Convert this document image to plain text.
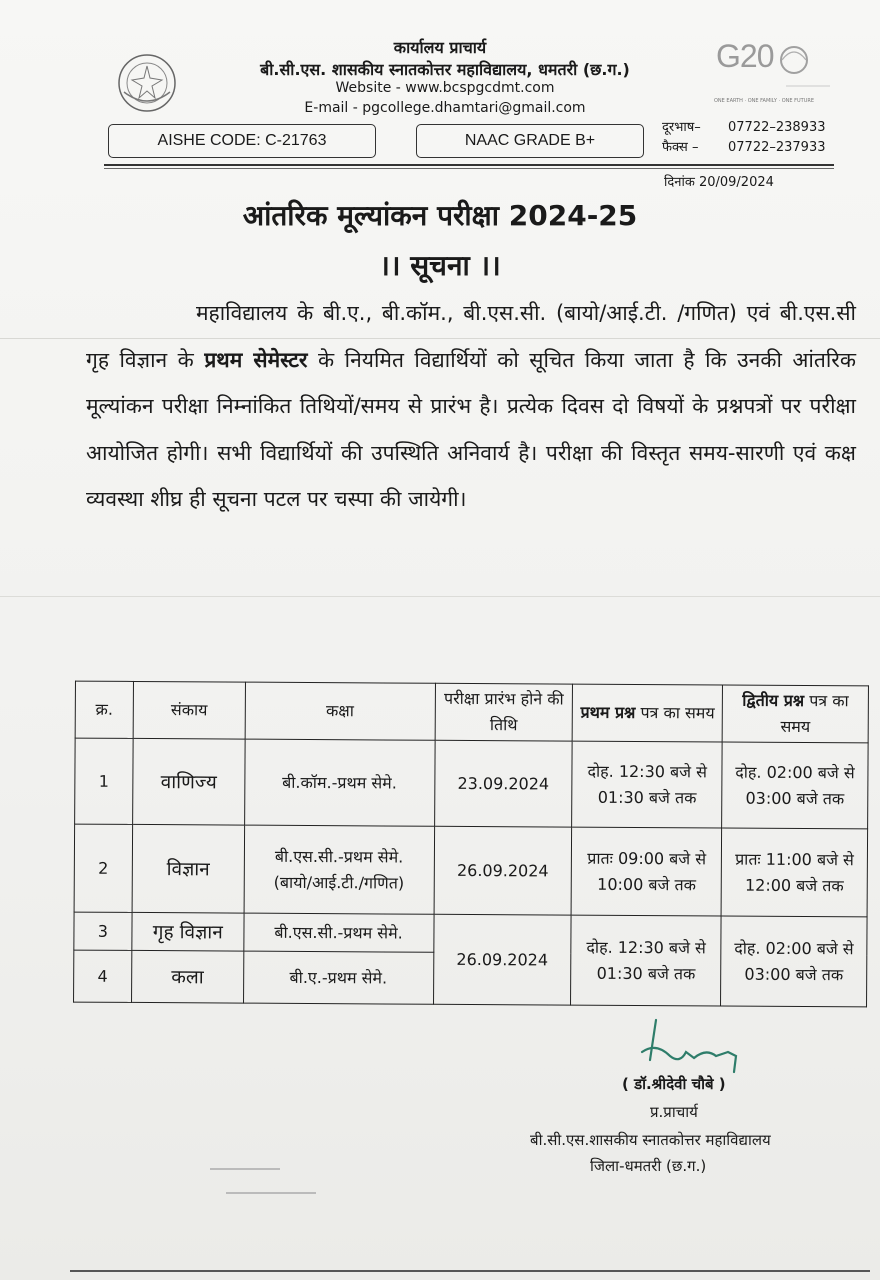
कार्यालय प्राचार्य
बी.सी.एस. शासकीय स्नातकोत्तर महाविद्यालय, धमतरी (छ.ग.)
Website - www.bcspgcdmt.com
E-mail - pgcollege.dhamtari@gmail.com
G20
ONE EARTH · ONE FAMILY · ONE FUTURE
AISHE CODE: C-21763	NAAC GRADE B+
दूरभाष– 07722–238933
फैक्स – 07722–237933
दिनांक 20/09/2024
आंतरिक मूल्यांकन परीक्षा 2024-25
।। सूचना ।।
महाविद्यालय के बी.ए., बी.कॉम., बी.एस.सी. (बायो/आई.टी. /गणित) एवं बी.एस.सी गृह विज्ञान के प्रथम सेमेस्टर के नियमित विद्यार्थियों को सूचित किया जाता है कि उनकी आंतरिक मूल्यांकन परीक्षा निम्नांकित तिथियों/समय से प्रारंभ है। प्रत्येक दिवस दो विषयों के प्रश्नपत्रों पर परीक्षा आयोजित होगी। सभी विद्यार्थियों की उपस्थिति अनिवार्य है। परीक्षा की विस्तृत समय-सारणी एवं कक्ष व्यवस्था शीघ्र ही सूचना पटल पर चस्पा की जायेगी।
क्र.	संकाय	कक्षा	परीक्षा प्रारंभ होने की तिथि	प्रथम प्रश्न पत्र का समय	द्वितीय प्रश्न पत्र का समय
1	वाणिज्य	बी.कॉम.-प्रथम सेमे.	23.09.2024	दोह. 12:30 बजे से 01:30 बजे तक	दोह. 02:00 बजे से 03:00 बजे तक
2	विज्ञान	बी.एस.सी.-प्रथम सेमे.
(बायो/आई.टी./गणित)	26.09.2024	प्रातः 09:00 बजे से 10:00 बजे तक	प्रातः 11:00 बजे से 12:00 बजे तक
3	गृह विज्ञान	बी.एस.सी.-प्रथम सेमे.	26.09.2024	दोह. 12:30 बजे से 01:30 बजे तक	दोह. 02:00 बजे से 03:00 बजे तक
4	कला	बी.ए.-प्रथम सेमे.			
( डॉ.श्रीदेवी चौबे )
प्र.प्राचार्य
बी.सी.एस.शासकीय स्नातकोत्तर महाविद्यालय
जिला-धमतरी (छ.ग.)
